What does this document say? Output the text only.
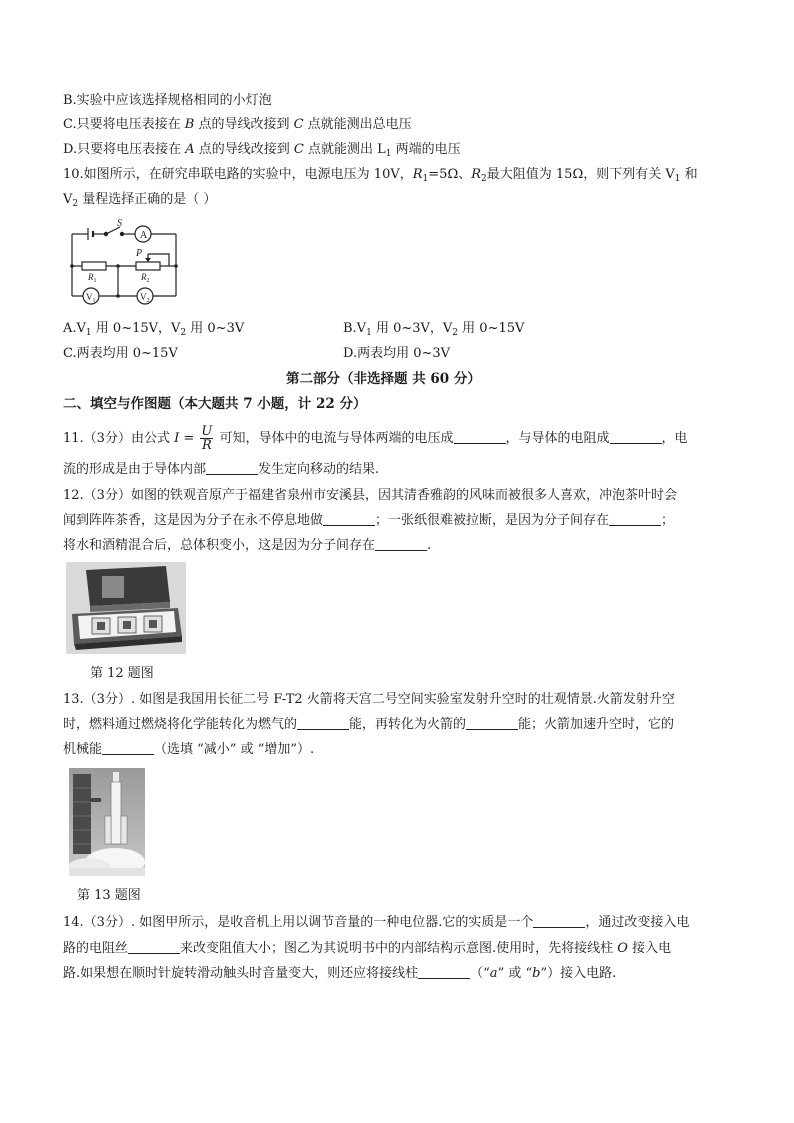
B.实验中应该选择规格相同的小灯泡
C.只要将电压表接在 B 点的导线改接到 C 点就能测出总电压
D.只要将电压表接在 A 点的导线改接到 C 点就能测出 $L_1$ 两端的电压
10.如图所示，在研究串联电路的实验中，电源电压为 10V，$R_1=5\Omega$、$R_2$最大阻值为 15Ω，则下列有关 $V_1$ 和
$V_2$ 量程选择正确的是（ ）
S
A
P
$R_1$	$R_2$
$V_1$	$V_2$
$A.V_1$ 用 0~15V，$V_2$ 用 0~3V	$B.V_1$ 用 0~3V，$V_2$ 用 0~15V
C.两表均用 0~15V	D.两表均用 0~3V
第二部分（非选择题 共 60 分）
二、填空与作图题（本大题共 7 小题，计 22 分）
11.（3分）由公式 $I = \frac{U}{R}$ 可知，导体中的电流与导体两端的电压成	，与导体的电阻成	，电
流的形成是由于导体内部	发生定向移动的结果.
12.（3分）如图的铁观音原产于福建省泉州市安溪县，因其清香雅韵的风味而被很多人喜欢，冲泡茶叶时会
闻到阵阵茶香，这是因为分子在永不停息地做	；一张纸很难被拉断，是因为分子间存在	；
将水和酒精混合后，总体积变小，这是因为分子间存在	.
第 12 题图
13.（3分）. 如图是我国用长征二号 F-T2 火箭将天宫二号空间实验室发射升空时的壮观情景.火箭发射升空
时，燃料通过燃烧将化学能转化为燃气的	能，再转化为火箭的	能；火箭加速升空时，它的
机械能	（选填 “减小” 或 “增加”）.
第 13 题图
14.（3分）. 如图甲所示，是收音机上用以调节音量的一种电位器.它的实质是一个	，通过改变接入电
路的电阻丝	来改变阻值大小；图乙为其说明书中的内部结构示意图.使用时，先将接线柱 O 接入电
路.如果想在顺时针旋转滑动触头时音量变大，则还应将接线柱	（“a” 或 “b”）接入电路.
